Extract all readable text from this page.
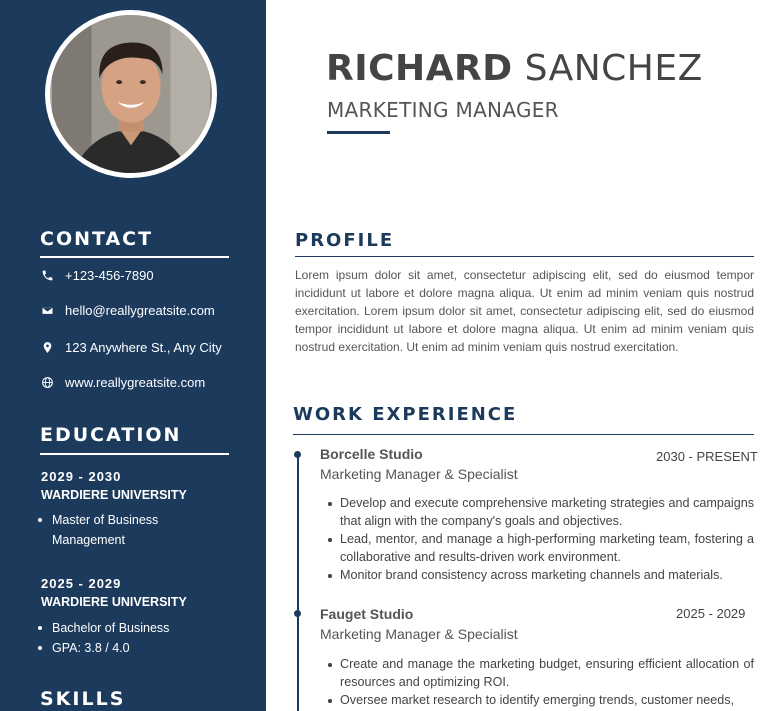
CONTACT
+123-456-7890
hello@reallygreatsite.com
123 Anywhere St., Any City
www.reallygreatsite.com
EDUCATION
2029 - 2030
WARDIERE UNIVERSITY
Master of Business
Management
2025 - 2029
WARDIERE UNIVERSITY
Bachelor of Business
GPA: 3.8 / 4.0
SKILLS
RICHARD SANCHEZ
MARKETING MANAGER
PROFILE
Lorem ipsum dolor sit amet, consectetur adipiscing elit, sed do eiusmod tempor incididunt ut labore et dolore magna aliqua. Ut enim ad minim veniam quis nostrud exercitation. Lorem ipsum dolor sit amet, consectetur adipiscing elit, sed do eiusmod tempor incididunt ut labore et dolore magna aliqua. Ut enim ad minim veniam quis nostrud exercitation. Ut enim ad minim veniam quis nostrud exercitation.
WORK EXPERIENCE
Borcelle Studio	2030 - PRESENT
Marketing Manager & Specialist
Develop and execute comprehensive marketing strategies and campaigns that align with the company's goals and objectives.
Lead, mentor, and manage a high-performing marketing team, fostering a collaborative and results-driven work environment.
Monitor brand consistency across marketing channels and materials.
Fauget Studio	2025 - 2029
Marketing Manager & Specialist
Create and manage the marketing budget, ensuring efficient allocation of resources and optimizing ROI.
Oversee market research to identify emerging trends, customer needs,
